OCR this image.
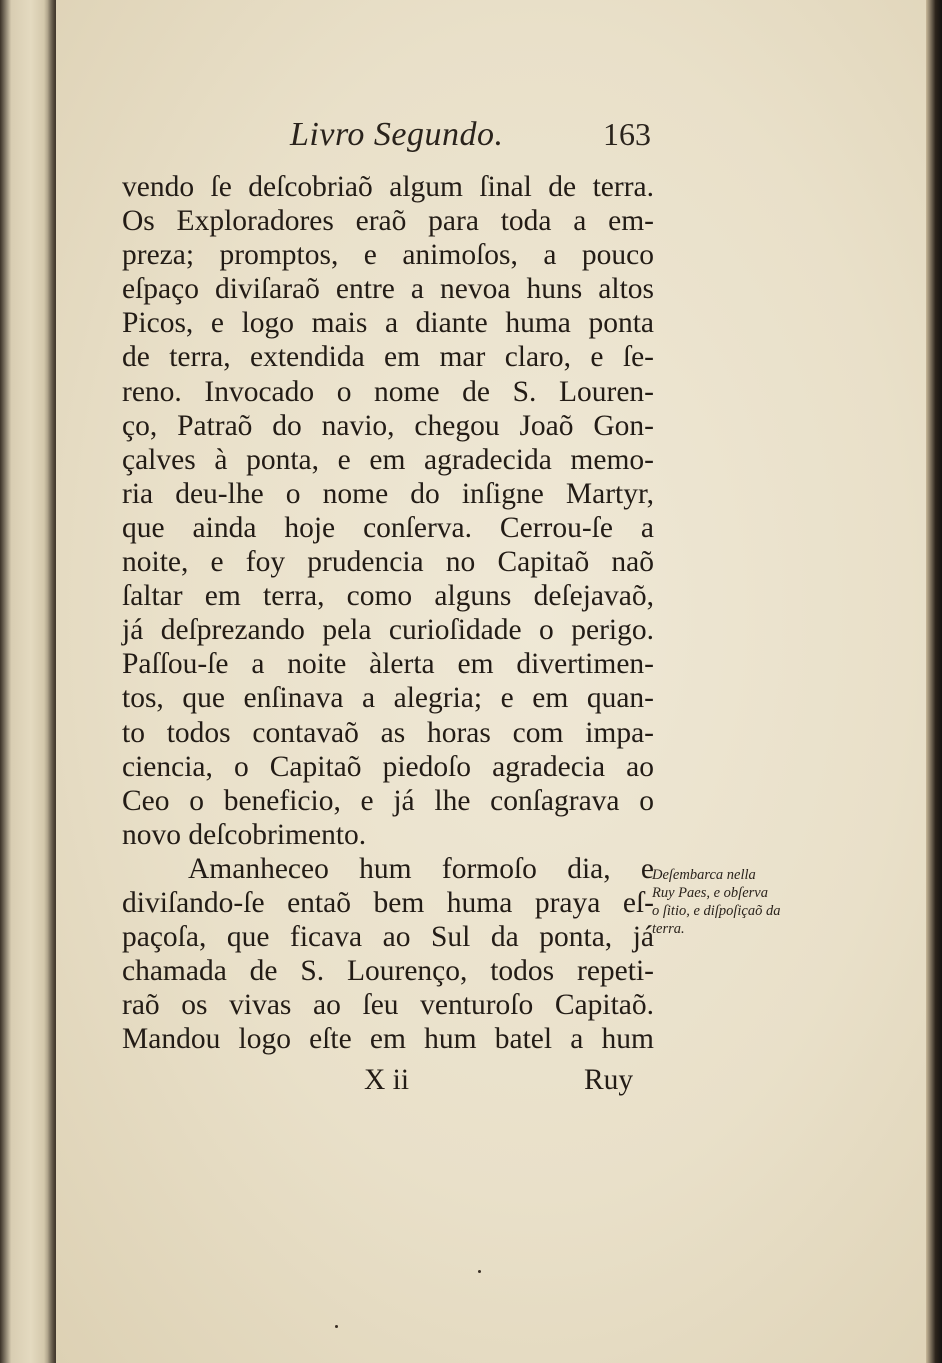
Livro Segundo.	163
vendo ſe deſcobriaõ algum ſinal de terra.
Os Exploradores eraõ para toda a em-
preza; promptos, e animoſos, a pouco
eſpaço diviſaraõ entre a nevoa huns altos
Picos, e logo mais a diante huma ponta
de terra, extendida em mar claro, e ſe-
reno. Invocado o nome de S. Louren-
ço, Patraõ do navio, chegou Joaõ Gon-
çalves à ponta, e em agradecida memo-
ria deu-lhe o nome do inſigne Martyr,
que ainda hoje conſerva. Cerrou-ſe a
noite, e foy prudencia no Capitaõ naõ
ſaltar em terra, como alguns deſejavaõ,
já deſprezando pela curioſidade o perigo.
Paſſou-ſe a noite àlerta em divertimen-
tos, que enſinava a alegria; e em quan-
to todos contavaõ as horas com impa-
ciencia, o Capitaõ piedoſo agradecia ao
Ceo o beneficio, e já lhe conſagrava o
novo deſcobrimento.
Amanheceo hum formoſo dia, e
diviſando-ſe entaõ bem huma praya eſ-
paçoſa, que ficava ao Sul da ponta, já
chamada de S. Lourenço, todos repeti-
raõ os vivas ao ſeu venturoſo Capitaõ.
Mandou logo eſte em hum batel a hum
Deſembarca nella
Ruy Paes, e obſerva
o ſitio, e diſpoſiçaõ da
terra.
X ii	Ruy
